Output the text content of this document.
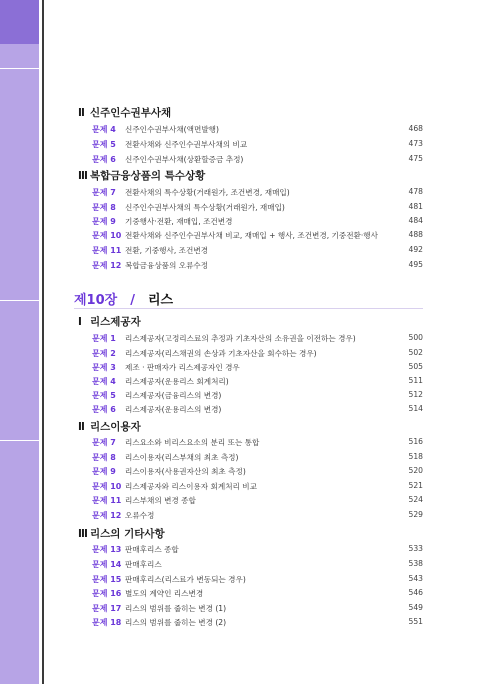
Ⅱ 신주인수권부사채
문제 4 신주인수권부사채(액면발행)	468
문제 5 전환사채와 신주인수권부사채의 비교	473
문제 6 신주인수권부사채(상환할증금 추정)	475
Ⅲ 복합금융상품의 특수상황
문제 7 전환사채의 특수상황(거래원가, 조건변경, 재매입)	478
문제 8 신주인수권부사채의 특수상황(거래원가, 재매입)	481
문제 9 기중행사·전환, 재매입, 조건변경	484
문제 10 전환사채와 신주인수권부사채 비교, 재매입 + 행사, 조건변경, 기중전환·행사	488
문제 11 전환, 기중행사, 조건변경	492
문제 12 복합금융상품의 오류수정	495
제10장 / 리스
Ⅰ 리스제공자
문제 1 리스제공자(고정리스료의 추정과 기초자산의 소유권을 이전하는 경우)	500
문제 2 리스제공자(리스채권의 손상과 기초자산을 회수하는 경우)	502
문제 3 제조 · 판매자가 리스제공자인 경우	505
문제 4 리스제공자(운용리스 회계처리)	511
문제 5 리스제공자(금융리스의 변경)	512
문제 6 리스제공자(운용리스의 변경)	514
Ⅱ 리스이용자
문제 7 리스요소와 비리스요소의 분리 또는 통합	516
문제 8 리스이용자(리스부채의 최초 측정)	518
문제 9 리스이용자(사용권자산의 최초 측정)	520
문제 10 리스제공자와 리스이용자 회계처리 비교	521
문제 11 리스부채의 변경 종합	524
문제 12 오류수정	529
Ⅲ 리스의 기타사항
문제 13 판매후리스 종합	533
문제 14 판매후리스	538
문제 15 판매후리스(리스료가 변동되는 경우)	543
문제 16 별도의 계약인 리스변경	546
문제 17 리스의 범위를 줍히는 변경 (1)	549
문제 18 리스의 범위를 줍히는 변경 (2)	551
